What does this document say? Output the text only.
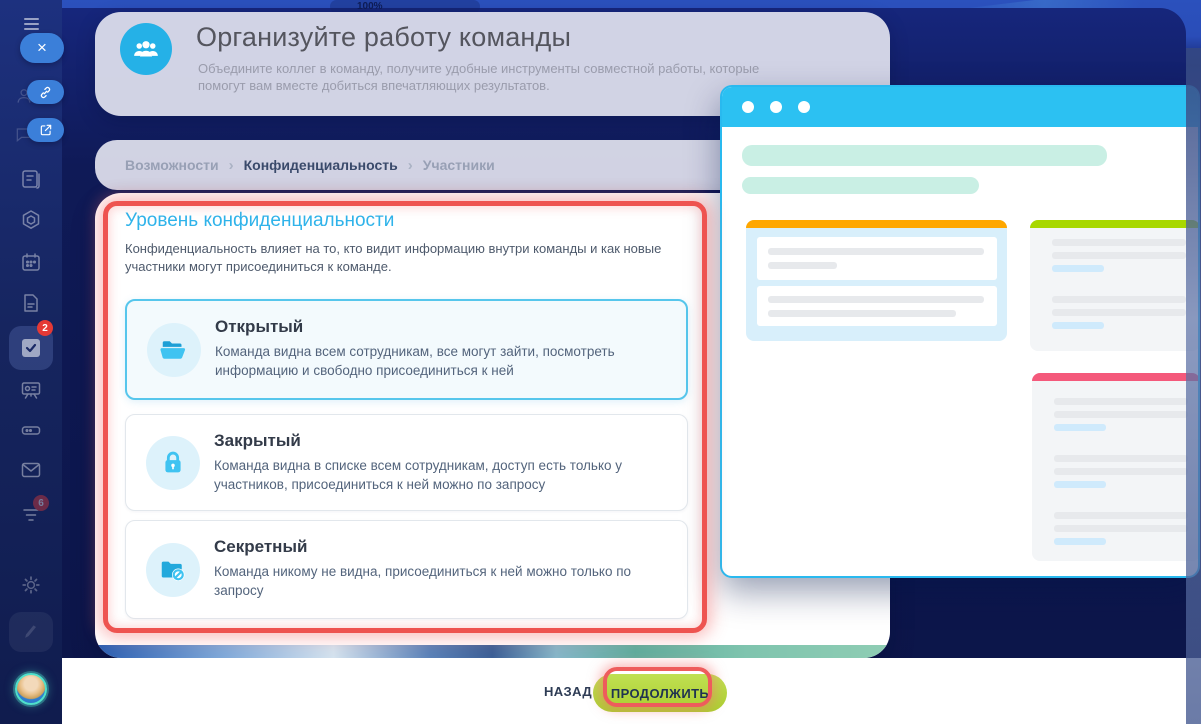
×
2
6
100%
Организуйте работу команды
Объедините коллег в команду, получите удобные инструменты совместной работы, которые помогут вам вместе добиться впечатляющих результатов.
Возможности › Конфиденциальность › Участники
Уровень конфиденциальности
Конфиденциальность влияет на то, кто видит информацию внутри команды и как новые участники могут присоединиться к команде.
Открытый
Команда видна всем сотрудникам, все могут зайти, посмотреть информацию и свободно присоединиться к ней
Закрытый
Команда видна в списке всем сотрудникам, доступ есть только у участников, присоединиться к ней можно по запросу
Секретный
Команда никому не видна, присоединиться к ней можно только по запросу
НАЗАД	ПРОДОЛЖИТЬ
